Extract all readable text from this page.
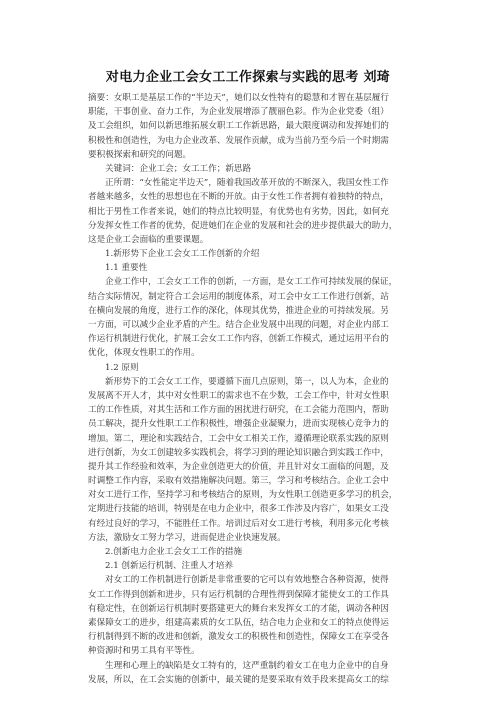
对电力企业工会女工工作探索与实践的思考 刘琦
摘要：女职工是基层工作的“半边天”，她们以女性特有的聪慧和才智在基层履行
职能，干事创业、奋力工作，为企业发展增添了靓丽色彩。作为企业党委（组）
及工会组织，如何以新思维拓展女职工工作新思路，最大限度调动和发挥她们的
积极性和创造性，为电力企业改革、发展作贡献，成为当前乃至今后一个时期需
要积极探索和研究的问题。
关键词：企业工会；女工工作；新思路
正所谓：“女性能定半边天”，随着我国改革开放的不断深入，我国女性工作
者越来越多，女性的思想也在不断的开放。由于女性工作者拥有着独特的特点，
相比于男性工作者来说，她们的特点比较明显，有优势也有劣势，因此，如何充
分发挥女性工作者的优势，促进她们在企业的发展和社会的进步提供最大的助力，
这是企业工会面临的重要课题。
1.新形势下企业工会女工工作创新的介绍
1.1 重要性
企业工作中，工会女工工作的创新，一方面，是女工工作可持续发展的保证，
结合实际情况，制定符合工会运用的制度体系，对工会中女工工作进行创新，站
在横向发展的角度，进行工作的深化，体现其优势，推进企业的可持续发展。另
一方面，可以减少企业矛盾的产生。结合企业发展中出现的问题，对企业内部工
作运行机制进行优化，扩展工会女工工作内容，创新工作模式，通过运用平台的
优化，体现女性职工的作用。
1.2 原则
新形势下的工会女工工作，要遵循下面几点原则，第一，以人为本，企业的
发展离不开人才，其中对女性职工的需求也不在少数，工会工作中，针对女性职
工的工作性质，对其生活和工作方面的困扰进行研究，在工会能力范围内，帮助
员工解决，提升女性职工工作积极性，增强企业凝聚力，进而实现核心竞争力的
增加。第二，理论和实践结合，工会中女工相关工作，遵循理论联系实践的原则
进行创新，为女工创建较多实践机会，将学习到的理论知识融合到实践工作中，
提升其工作经验和效率，为企业创造更大的价值，并且针对女工面临的问题，及
时调整工作内容，采取有效措施解决问题。第三，学习和考核结合。企业工会中
对女工进行工作，坚持学习和考核结合的原则，为女性职工创造更多学习的机会，
定期进行技能的培训，特别是在电力企业中，很多工作涉及内容广，如果女工没
有经过良好的学习，不能胜任工作。培训过后对女工进行考核，利用多元化考核
方法，激励女工努力学习，进而促进企业快速发展。
2.创新电力企业工会女工工作的措施
2.1 创新运行机制、注重人才培养
对女工的工作机制进行创新是非常重要的它可以有效地整合各种资源，使得
女工工作得到创新和进步，只有运行机制的合理性得到保障才能使女工的工作具
有稳定性，在创新运行机制时要搭建更大的舞台来发挥女工的才能，调动各种因
素保障女工的进步，组建高素质的女工队伍，结合电力企业和女工的特点使得运
行机制得到不断的改进和创新，激发女工的积极性和创造性，保障女工在享受各
种资源时和男工具有平等性。
生理和心理上的缺陷是女工特有的，这严重制约着女工在电力企业中的自身
发展，所以，在工会实施的创新中，最关键的是要采取有效手段来提高女工的综
